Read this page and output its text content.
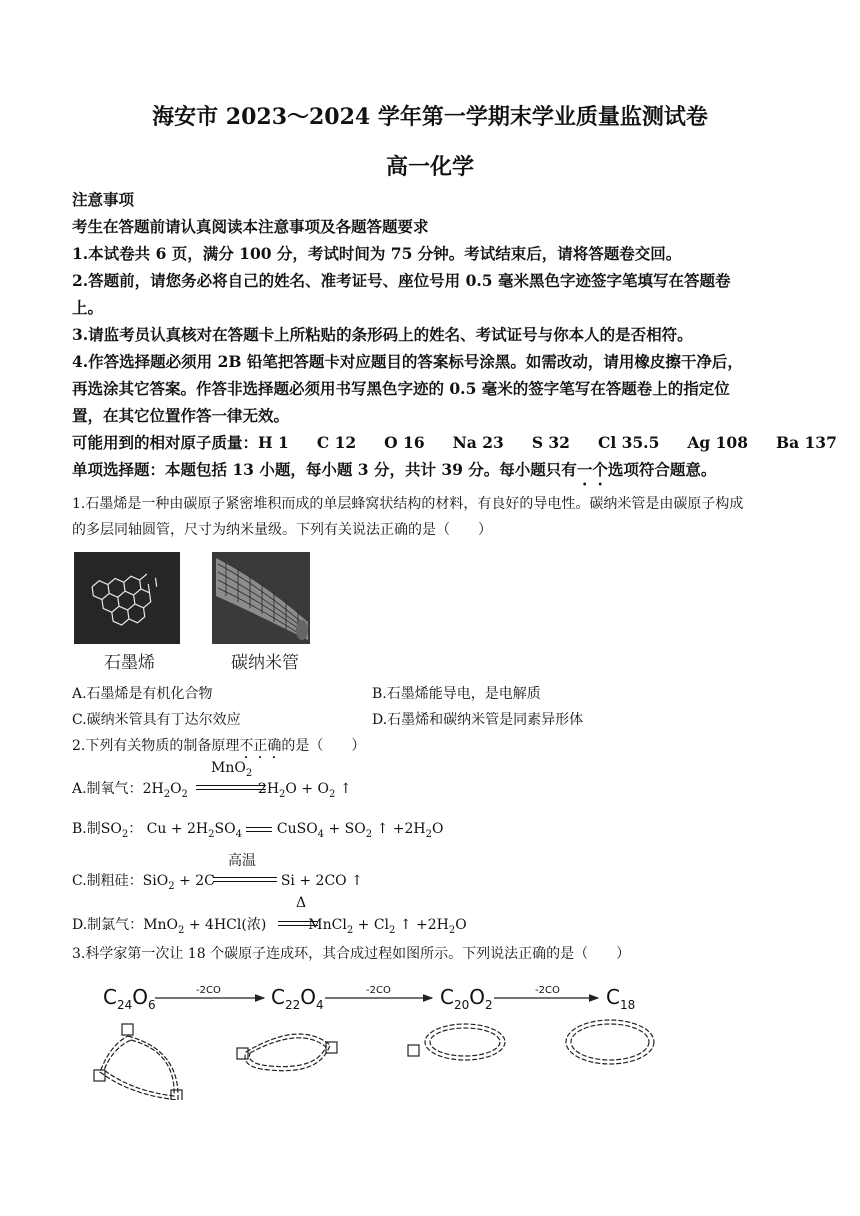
海安市 2023～2024 学年第一学期末学业质量监测试卷
高一化学
注意事项
考生在答题前请认真阅读本注意事项及各题答题要求
1.本试卷共 6 页，满分 100 分，考试时间为 75 分钟。考试结束后，请将答题卷交回。
2.答题前，请您务必将自己的姓名、准考证号、座位号用 0.5 毫米黑色字迹签字笔填写在答题卷
上。
3.请监考员认真核对在答题卡上所粘贴的条形码上的姓名、考试证号与你本人的是否相符。
4.作答选择题必须用 2B 铅笔把答题卡对应题目的答案标号涂黑。如需改动，请用橡皮擦干净后，
再选涂其它答案。作答非选择题必须用书写黑色字迹的 0.5 毫米的签字笔写在答题卷上的指定位
置，在其它位置作答一律无效。
可能用到的相对原子质量：H 1 C 12 O 16 Na 23 S 32 Cl 35.5 Ag 108 Ba 137
单项选择题：本题包括 13 小题，每小题 3 分，共计 39 分。每小题只有一个选项符合题意。
1.石墨烯是一种由碳原子紧密堆积而成的单层蜂窝状结构的材料，有良好的导电性。碳纳米管是由碳原子构成
的多层同轴圆管，尺寸为纳米量级。下列有关说法正确的是（　　）
石墨烯	碳纳米管
A.石墨烯是有机化合物	B.石墨烯能导电，是电解质
C.碳纳米管具有丁达尔效应	D.石墨烯和碳纳米管是同素异形体
2.下列有关物质的制备原理不正确的是（　　）
A.制氧气：$2H_2O_2$	$2H_2O + O_2$ ↑
MnO$_2$
B.制$SO_2$： $Cu + 2H_2SO_4$  CuSO$_4$ + $SO_2$ ↑ $+2H_2O$
C.制粗硅：SiO$_2$ + 2C	Si + 2CO ↑
高温
D.制氯气：MnO$_2$ + 4HCl(浓)	MnCl$_2$ + $Cl_2$ ↑ $+2H_2O$
Δ
3.科学家第一次让 18 个碳原子连成环，其合成过程如图所示。下列说法正确的是（　　）
$C_{24}O_6$	$C_{22}O_4$	$C_{20}O_2$	$C_{18}$
-2CO	-2CO	-2CO
